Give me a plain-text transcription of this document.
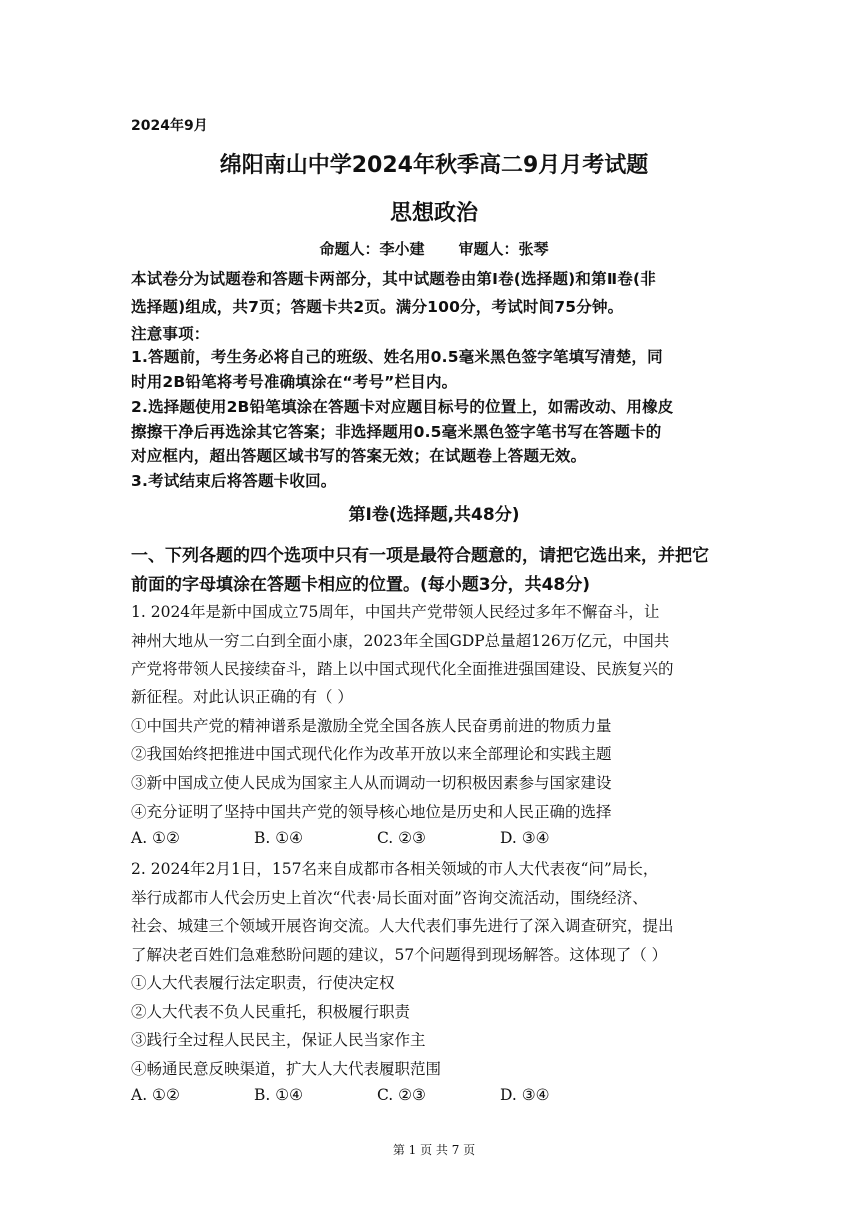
2024年9月
绵阳南山中学2024年秋季高二9月月考试题
思想政治
命题人：李小建 审题人：张琴
本试卷分为试题卷和答题卡两部分，其中试题卷由第Ⅰ卷(选择题)和第Ⅱ卷(非
选择题)组成，共7页；答题卡共2页。满分100分，考试时间75分钟。
注意事项：
1.答题前，考生务必将自己的班级、姓名用0.5毫米黑色签字笔填写清楚，同
时用2B铅笔将考号准确填涂在“考号”栏目内。
2.选择题使用2B铅笔填涂在答题卡对应题目标号的位置上，如需改动、用橡皮
擦擦干净后再选涂其它答案；非选择题用0.5毫米黑色签字笔书写在答题卡的
对应框内，超出答题区域书写的答案无效；在试题卷上答题无效。
3.考试结束后将答题卡收回。
第Ⅰ卷(选择题,共48分)
一、下列各题的四个选项中只有一项是最符合题意的，请把它选出来，并把它
前面的字母填涂在答题卡相应的位置。(每小题3分，共48分)
1. 2024年是新中国成立75周年，中国共产党带领人民经过多年不懈奋斗，让
神州大地从一穷二白到全面小康，2023年全国GDP总量超126万亿元，中国共
产党将带领人民接续奋斗，踏上以中国式现代化全面推进强国建设、民族复兴的
新征程。对此认识正确的有（ ）
①中国共产党的精神谱系是激励全党全国各族人民奋勇前进的物质力量
②我国始终把推进中国式现代化作为改革开放以来全部理论和实践主题
③新中国成立使人民成为国家主人从而调动一切积极因素参与国家建设
④充分证明了坚持中国共产党的领导核心地位是历史和人民正确的选择
A. ①②	B. ①④	C. ②③	D. ③④
2. 2024年2月1日，157名来自成都市各相关领域的市人大代表夜“问”局长，
举行成都市人代会历史上首次“代表·局长面对面”咨询交流活动，围绕经济、
社会、城建三个领域开展咨询交流。人大代表们事先进行了深入调查研究，提出
了解决老百姓们急难愁盼问题的建议，57个问题得到现场解答。这体现了（ ）
①人大代表履行法定职责，行使决定权
②人大代表不负人民重托，积极履行职责
③践行全过程人民民主，保证人民当家作主
④畅通民意反映渠道，扩大人大代表履职范围
A. ①②	B. ①④	C. ②③	D. ③④
第 1 页 共 7 页
